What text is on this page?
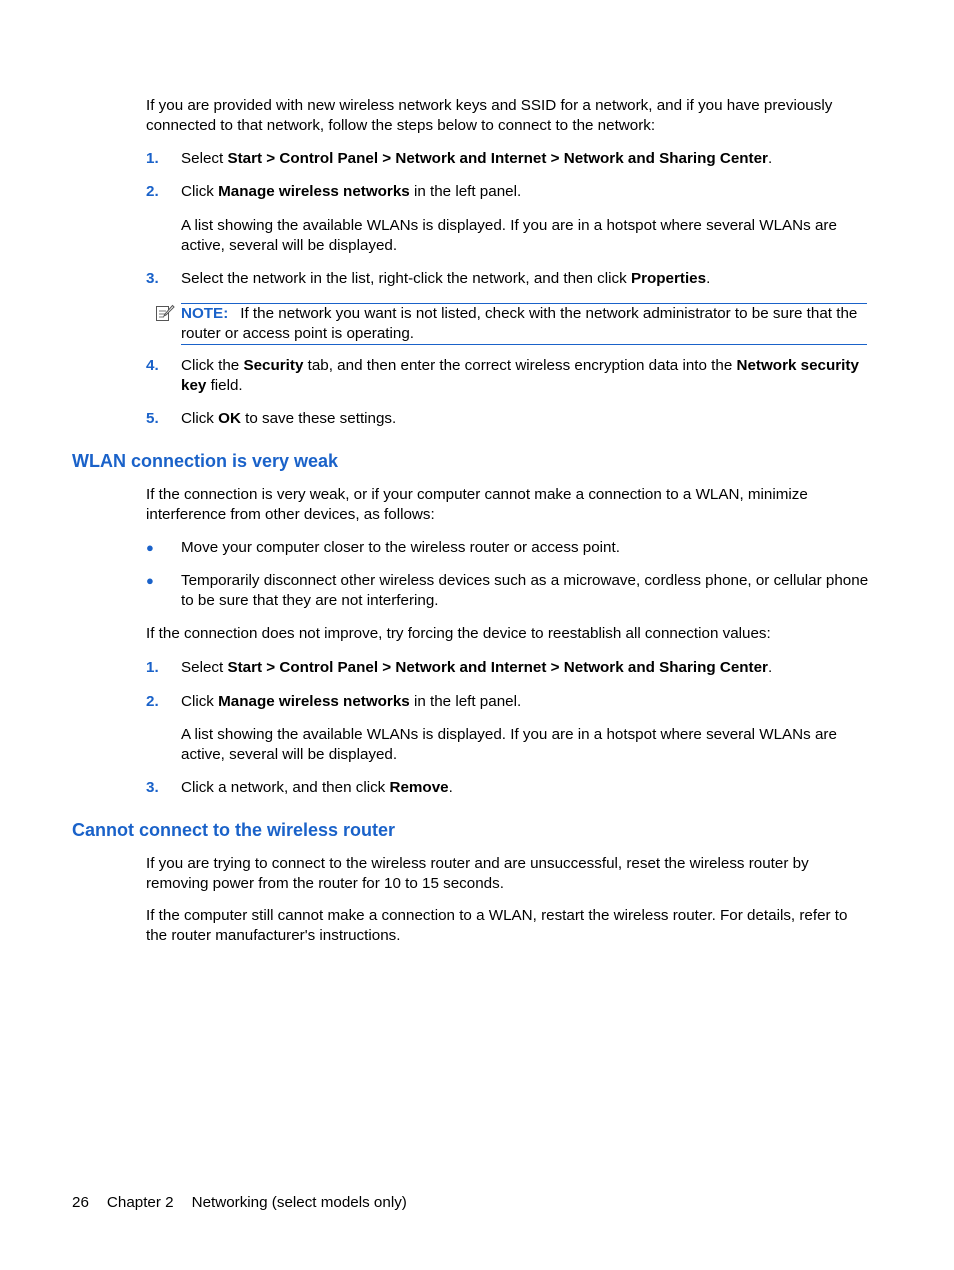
If you are provided with new wireless network keys and SSID for a network, and if you have previously connected to that network, follow the steps below to connect to the network:
1. Select Start > Control Panel > Network and Internet > Network and Sharing Center.
2. Click Manage wireless networks in the left panel.
A list showing the available WLANs is displayed. If you are in a hotspot where several WLANs are active, several will be displayed.
3. Select the network in the list, right-click the network, and then click Properties.
NOTE: If the network you want is not listed, check with the network administrator to be sure that the router or access point is operating.
4. Click the Security tab, and then enter the correct wireless encryption data into the Network security key field.
5. Click OK to save these settings.
WLAN connection is very weak
If the connection is very weak, or if your computer cannot make a connection to a WLAN, minimize interference from other devices, as follows:
● Move your computer closer to the wireless router or access point.
● Temporarily disconnect other wireless devices such as a microwave, cordless phone, or cellular phone to be sure that they are not interfering.
If the connection does not improve, try forcing the device to reestablish all connection values:
1. Select Start > Control Panel > Network and Internet > Network and Sharing Center.
2. Click Manage wireless networks in the left panel.
A list showing the available WLANs is displayed. If you are in a hotspot where several WLANs are active, several will be displayed.
3. Click a network, and then click Remove.
Cannot connect to the wireless router
If you are trying to connect to the wireless router and are unsuccessful, reset the wireless router by removing power from the router for 10 to 15 seconds.
If the computer still cannot make a connection to a WLAN, restart the wireless router. For details, refer to the router manufacturer's instructions.
26 Chapter 2 Networking (select models only)
